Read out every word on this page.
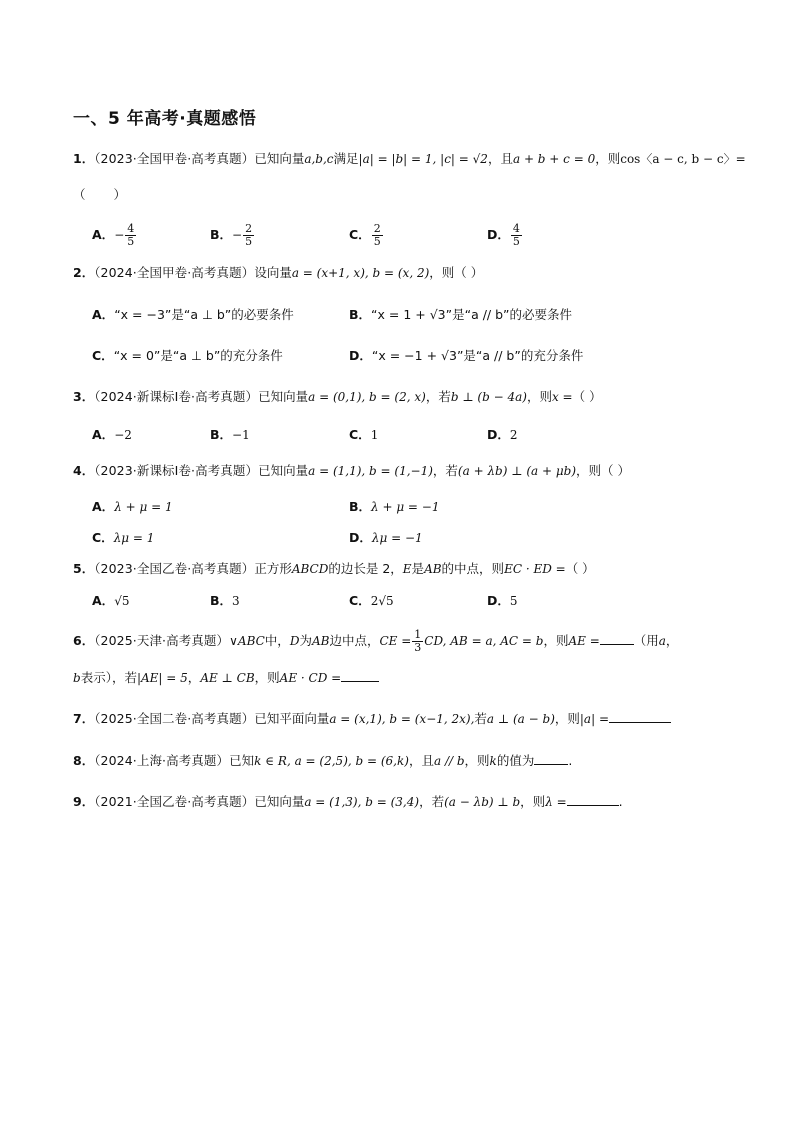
一、5 年高考·真题感悟
1．（2023·全国甲卷·高考真题）已知向量a,b,c满足|a| = |b| = 1, |c| = √2，且a + b + c = 0，则cos〈a − c, b − c〉=
（ ）
A．− $\frac{4}{5}$	B．− $\frac{2}{5}$	C． $\frac{2}{5}$	D． $\frac{4}{5}$
2．（2024·全国甲卷·高考真题）设向量a = (x+1, x), b = (x, 2)，则（ ）
A．“x = −3”是“a ⊥ b”的必要条件	B．“x = 1 + √3”是“a // b”的必要条件
C．“x = 0”是“a ⊥ b”的充分条件	D．“x = −1 + √3”是“a // b”的充分条件
3．（2024·新课标Ⅰ卷·高考真题）已知向量a = (0,1), b = (2, x)，若b ⊥ (b − 4a)，则x =（ ）
A．−2	B．−1	C．1	D．2
4．（2023·新课标Ⅰ卷·高考真题）已知向量a = (1,1), b = (1,−1)，若(a + λb) ⊥ (a + μb)，则（ ）
A．λ + μ = 1	B．λ + μ = −1
C．λμ = 1	D．λμ = −1
5．（2023·全国乙卷·高考真题）正方形ABCD的边长是 2，E是AB的中点，则EC · ED =（ ）
A．√5	B．3	C．2√5	D．5
6．（2025·天津·高考真题）∨ABC中，D为AB边中点，CE = $\frac{1}{3}$ CD, AB = a, AC = b，则AE =	（用a，
b表示），若|AE| = 5，AE ⊥ CB，则AE · CD =
7．（2025·全国二卷·高考真题）已知平面向量a = (x,1), b = (x−1, 2x),若a ⊥ (a − b)，则|a| =
8．（2024·上海·高考真题）已知k ∈ R, a = (2,5), b = (6,k)，且a // b，则k的值为	.
9．（2021·全国乙卷·高考真题）已知向量a = (1,3), b = (3,4)，若(a − λb) ⊥ b，则λ =	.
